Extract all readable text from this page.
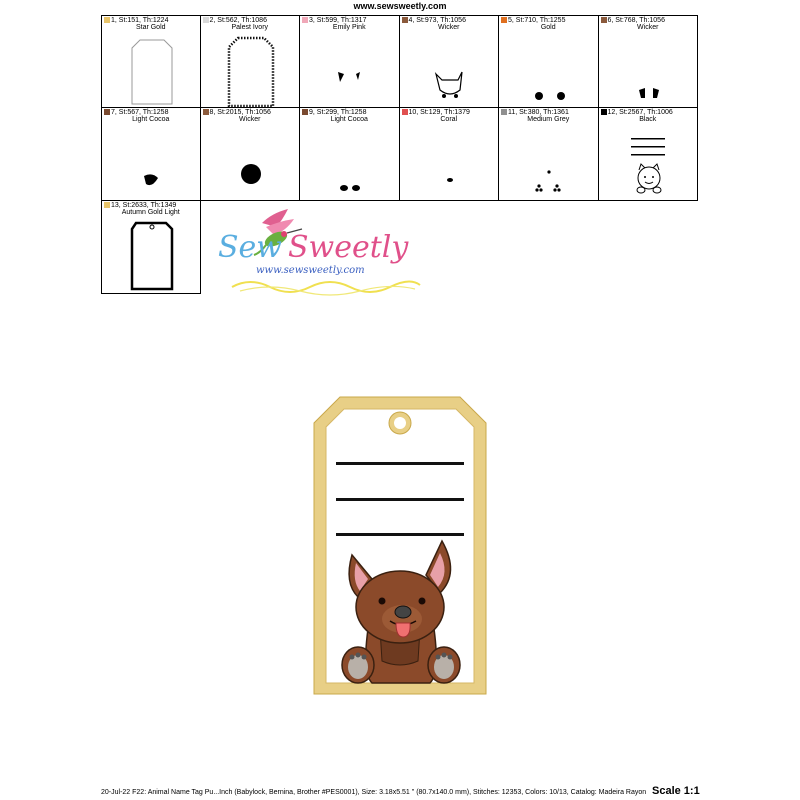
www.sewsweetly.com
1, St:151, Th:1224
Star Gold
2, St:562, Th:1086
Palest Ivory
3, St:599, Th:1317
Emily Pink
4, St:973, Th:1056
Wicker
5, St:710, Th:1255
Gold
6, St:768, Th:1056
Wicker
7, St:567, Th:1258
Light Cocoa
8, St:2015, Th:1056
Wicker
9, St:299, Th:1258
Light Cocoa
10, St:129, Th:1379
Coral
11, St:380, Th:1361
Medium Grey
12, St:2567, Th:1006
Black
13, St:2633, Th:1349
Autumn Gold Light
Sew Sweetly
www.sewsweetly.com
20-Jul-22 F22: Animal Name Tag Pu...Inch (Babylock, Bernina, Brother #PES0001), Size: 3.18x5.51 " (80.7x140.0 mm), Stitches: 12353, Colors: 10/13, Catalog: Madeira Rayon Scale 1:1
